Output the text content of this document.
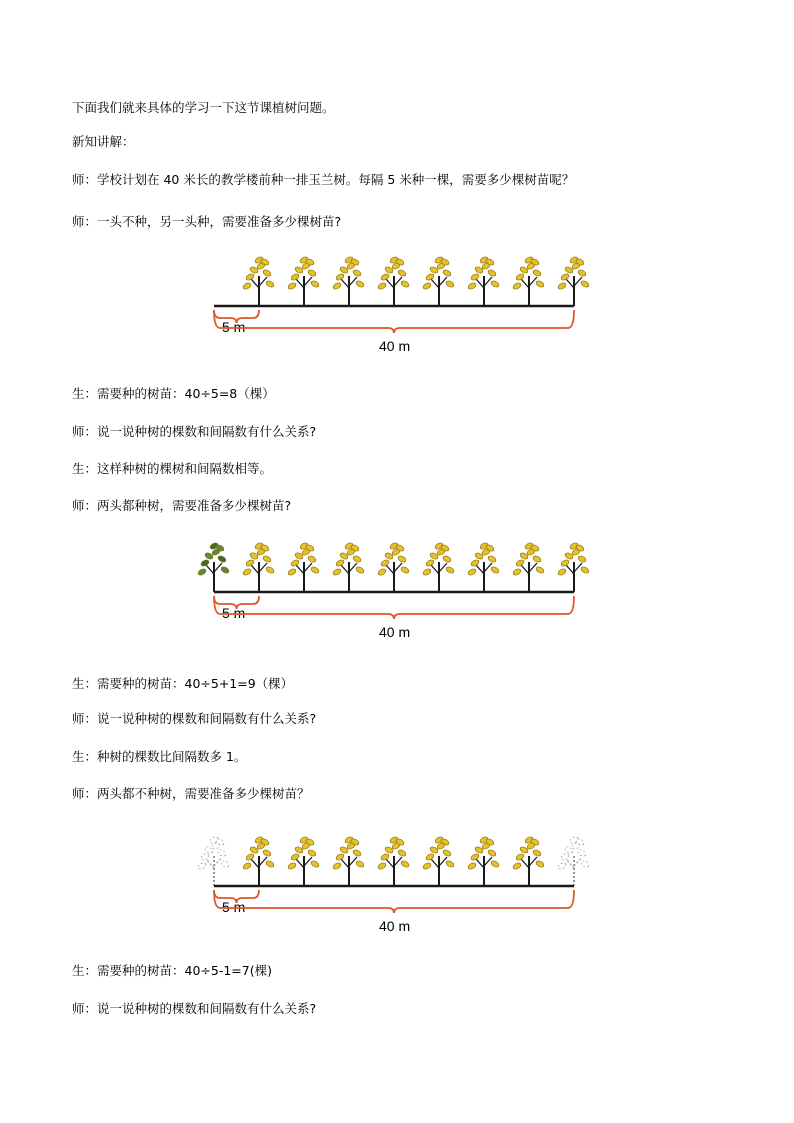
下面我们就来具体的学习一下这节课植树问题。
新知讲解：
师：学校计划在 40 米长的教学楼前种一排玉兰树。每隔 5 米种一棵，需要多少棵树苗呢？
师：一头不种，另一头种，需要准备多少棵树苗?
5 m
40 m
生：需要种的树苗：40÷5=8（棵）
师：说一说种树的棵数和间隔数有什么关系?
生：这样种树的棵树和间隔数相等。
师：两头都种树，需要准备多少棵树苗?
5 m
40 m
生：需要种的树苗：40÷5+1=9（棵）
师：说一说种树的棵数和间隔数有什么关系?
生：种树的棵数比间隔数多 1。
师：两头都不种树，需要准备多少棵树苗？
5 m
40 m
生：需要种的树苗：40÷5-1=7(棵)
师：说一说种树的棵数和间隔数有什么关系?
